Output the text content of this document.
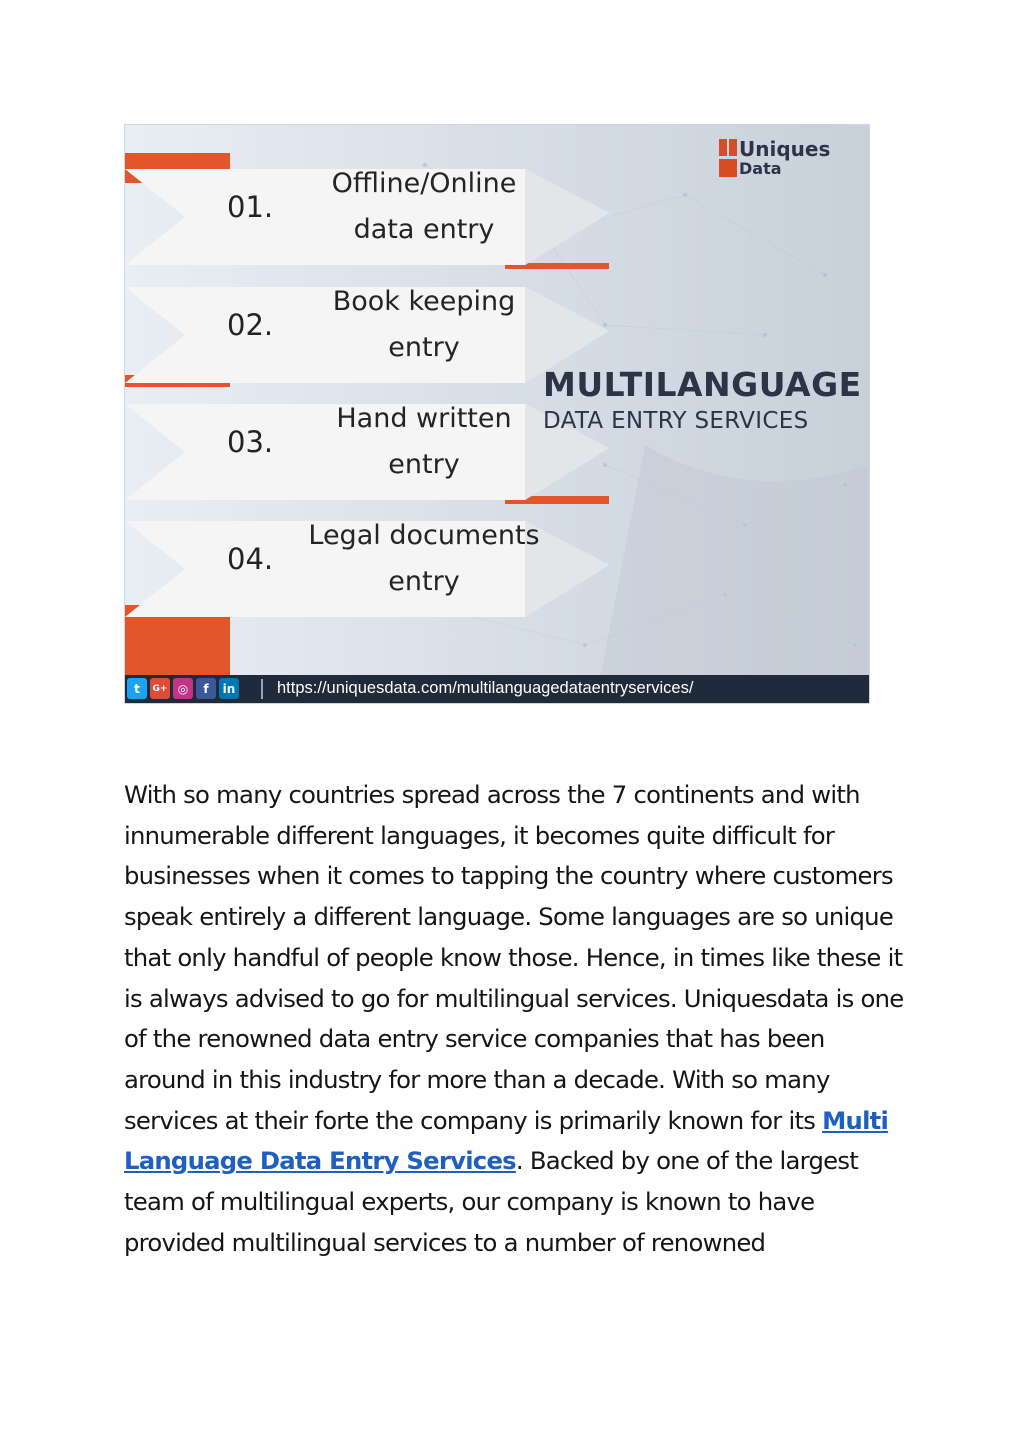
Uniques
Data
01.
Offline/Online
data entry
02.
Book keeping
entry
03.
Hand written
entry
04.
Legal documents
entry
MULTILANGUAGE
DATA ENTRY SERVICES
t	G+ ◎	f	in	https://uniquesdata.com/multilanguagedataentryservices/

With so many countries spread across the 7 continents and with innumerable different languages, it becomes quite difficult for businesses when it comes to tapping the country where customers speak entirely a different language. Some languages are so unique that only handful of people know those. Hence, in times like these it is always advised to go for multilingual services. Uniquesdata is one of the renowned data entry service companies that has been around in this industry for more than a decade. With so many services at their forte the company is primarily known for its Multi Language Data Entry Services. Backed by one of the largest team of multilingual experts, our company is known to have provided multilingual services to a number of renowned
